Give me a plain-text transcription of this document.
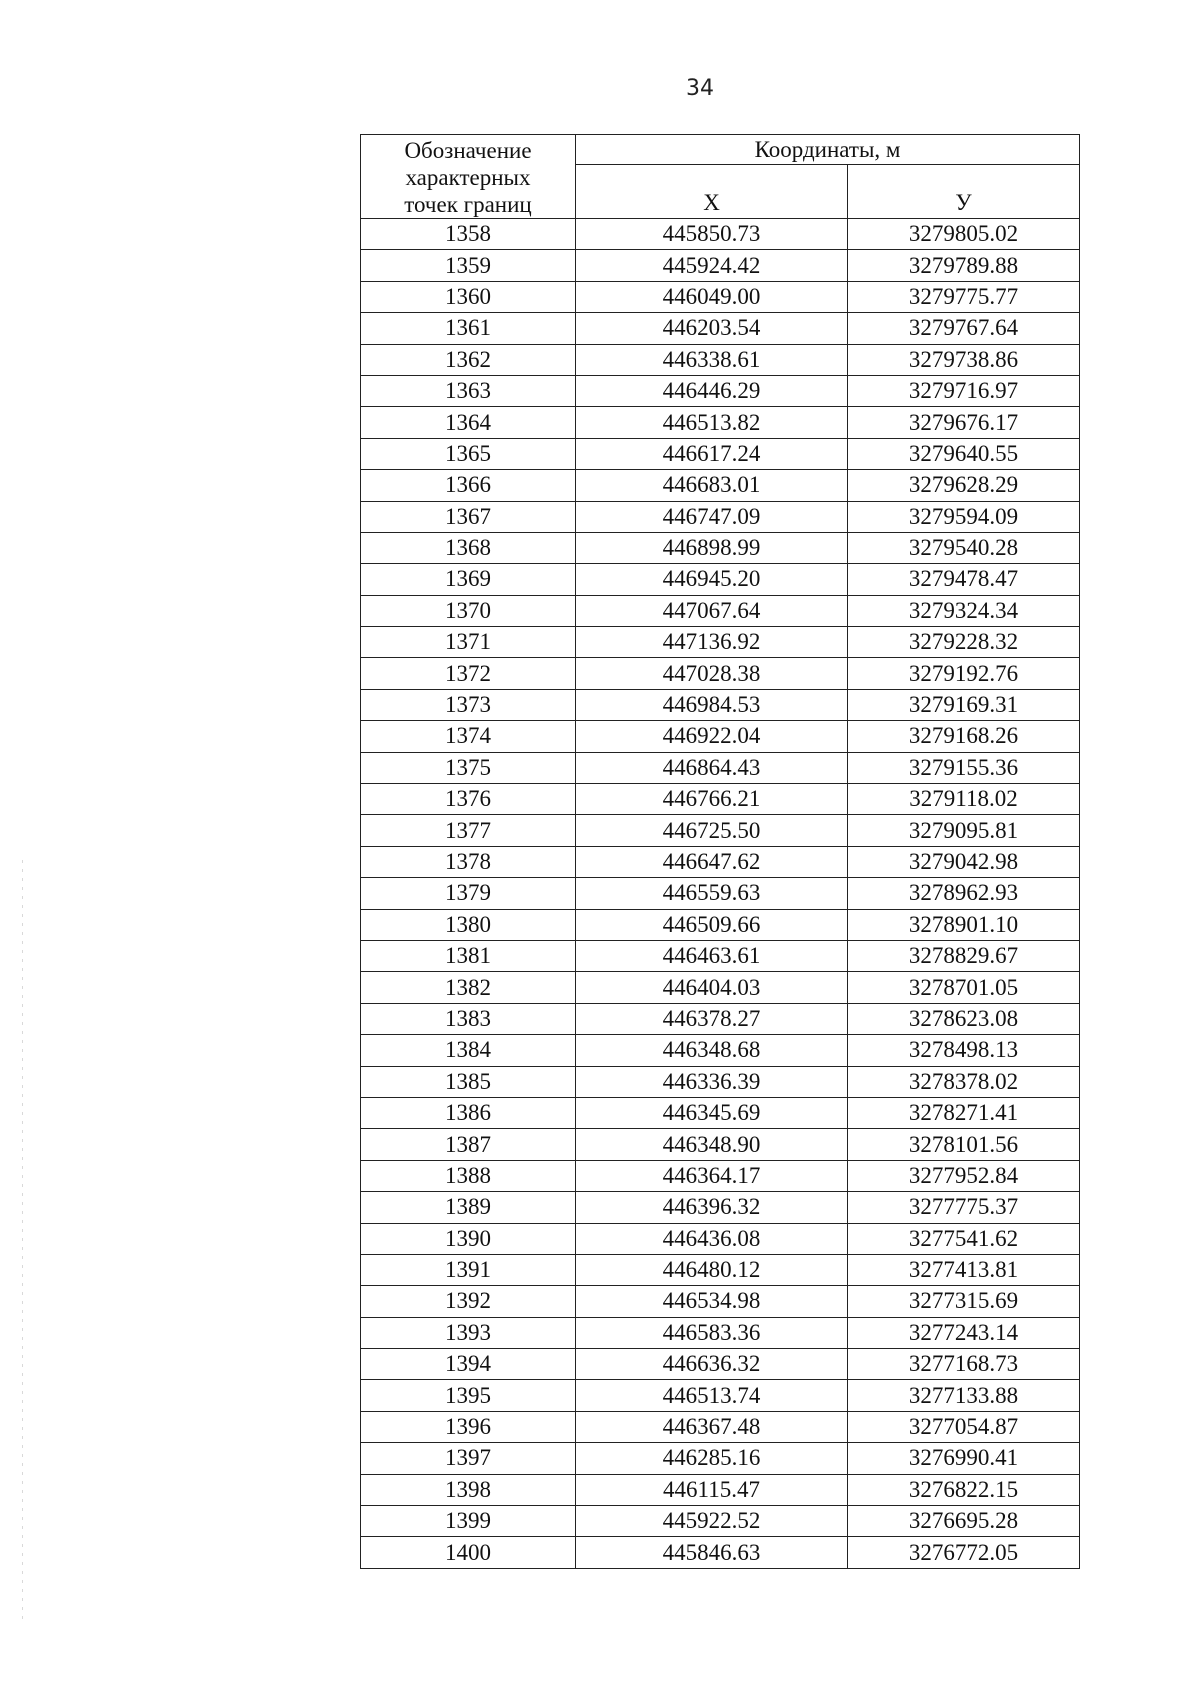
34
Обозначение
характерных
точек границ	Координаты, м	
	X	У
1358	445850.73	3279805.02
1359	445924.42	3279789.88
1360	446049.00	3279775.77
1361	446203.54	3279767.64
1362	446338.61	3279738.86
1363	446446.29	3279716.97
1364	446513.82	3279676.17
1365	446617.24	3279640.55
1366	446683.01	3279628.29
1367	446747.09	3279594.09
1368	446898.99	3279540.28
1369	446945.20	3279478.47
1370	447067.64	3279324.34
1371	447136.92	3279228.32
1372	447028.38	3279192.76
1373	446984.53	3279169.31
1374	446922.04	3279168.26
1375	446864.43	3279155.36
1376	446766.21	3279118.02
1377	446725.50	3279095.81
1378	446647.62	3279042.98
1379	446559.63	3278962.93
1380	446509.66	3278901.10
1381	446463.61	3278829.67
1382	446404.03	3278701.05
1383	446378.27	3278623.08
1384	446348.68	3278498.13
1385	446336.39	3278378.02
1386	446345.69	3278271.41
1387	446348.90	3278101.56
1388	446364.17	3277952.84
1389	446396.32	3277775.37
1390	446436.08	3277541.62
1391	446480.12	3277413.81
1392	446534.98	3277315.69
1393	446583.36	3277243.14
1394	446636.32	3277168.73
1395	446513.74	3277133.88
1396	446367.48	3277054.87
1397	446285.16	3276990.41
1398	446115.47	3276822.15
1399	445922.52	3276695.28
1400	445846.63	3276772.05
